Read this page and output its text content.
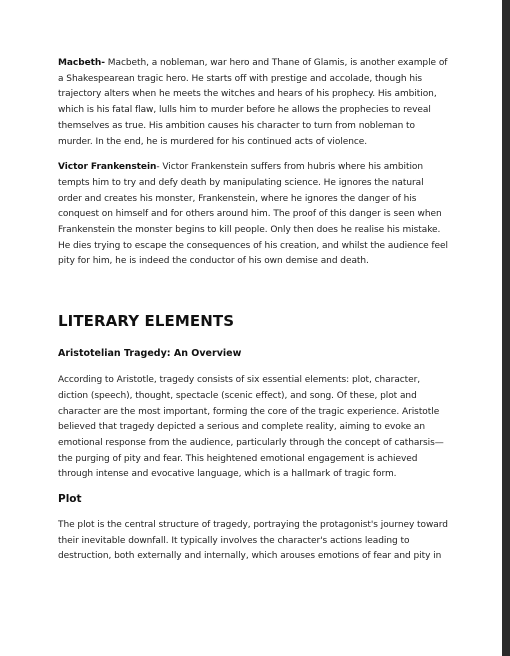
Macbeth- Macbeth, a nobleman, war hero and Thane of Glamis, is another example of a Shakespearean tragic hero. He starts off with prestige and accolade, though his trajectory alters when he meets the witches and hears of his prophecy. His ambition, which is his fatal flaw, lulls him to murder before he allows the prophecies to reveal themselves as true. His ambition causes his character to turn from nobleman to murder. In the end, he is murdered for his continued acts of violence.

Victor Frankenstein- Victor Frankenstein suffers from hubris where his ambition tempts him to try and defy death by manipulating science. He ignores the natural order and creates his monster, Frankenstein, where he ignores the danger of his conquest on himself and for others around him. The proof of this danger is seen when Frankenstein the monster begins to kill people. Only then does he realise his mistake. He dies trying to escape the consequences of his creation, and whilst the audience feel pity for him, he is indeed the conductor of his own demise and death.

LITERARY ELEMENTS
Aristotelian Tragedy: An Overview

According to Aristotle, tragedy consists of six essential elements: plot, character, diction (speech), thought, spectacle (scenic effect), and song. Of these, plot and character are the most important, forming the core of the tragic experience. Aristotle believed that tragedy depicted a serious and complete reality, aiming to evoke an emotional response from the audience, particularly through the concept of catharsis—the purging of pity and fear. This heightened emotional engagement is achieved through intense and evocative language, which is a hallmark of tragic form.

Plot

The plot is the central structure of tragedy, portraying the protagonist's journey toward their inevitable downfall. It typically involves the character's actions leading to destruction, both externally and internally, which arouses emotions of fear and pity in
